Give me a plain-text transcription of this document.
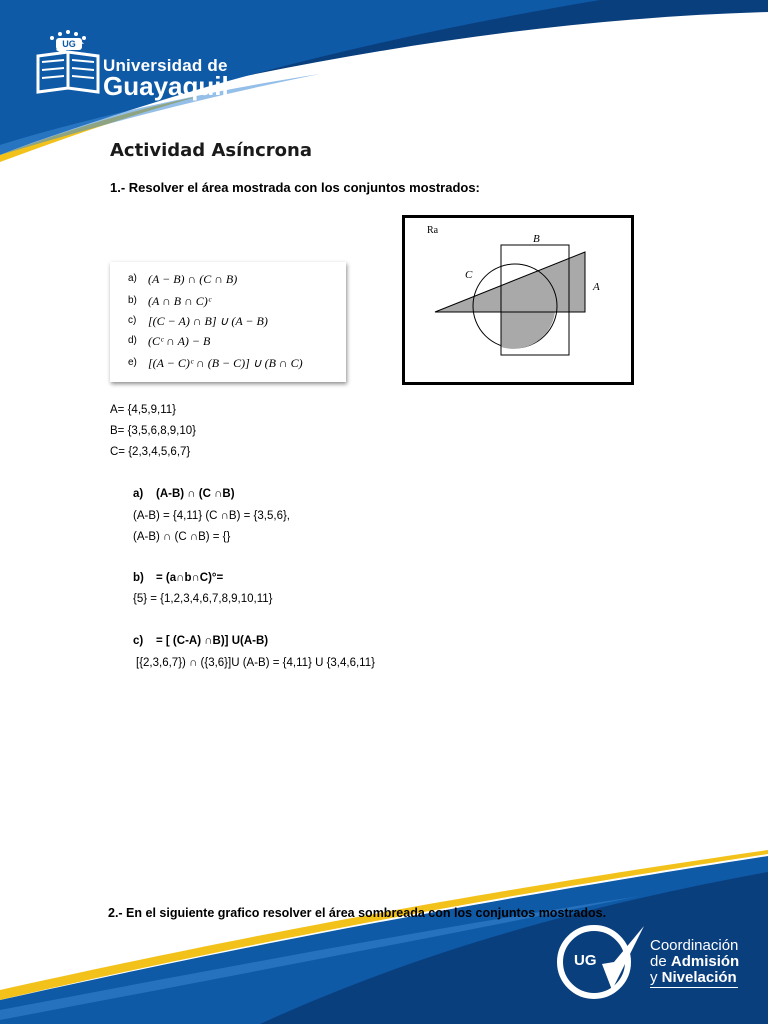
UG
Universidad de
Guayaquil
Actividad Asíncrona
1.- Resolver el área mostrada con los conjuntos mostrados:
a) (A − B) ∩ (C ∩ B)
b) (A ∩ B ∩ C)ᶜ
c) [(C − A) ∩ B] ∪ (A − B)
d) (Cᶜ ∩ A) − B
e) [(A − C)ᶜ ∩ (B − C)] ∪ (B ∩ C)
Ra
B
C
A
A= {4,5,9,11}
B= {3,5,6,8,9,10}
C= {2,3,4,5,6,7}
a) (A-B) ∩ (C ∩B)
(A-B) = {4,11} (C ∩B) = {3,5,6},
(A-B) ∩ (C ∩B) = {}
b) = (a∩b∩C)°=
{5} = {1,2,3,4,6,7,8,9,10,11}
c) = [ (C-A) ∩B)] U(A-B)
[{2,3,6,7}) ∩ ({3,6}]U (A-B) = {4,11} U {3,4,6,11}
2.- En el siguiente grafico resolver el área sombreada con los conjuntos mostrados.
UG
Coordinación
de Admisión
y Nivelación
